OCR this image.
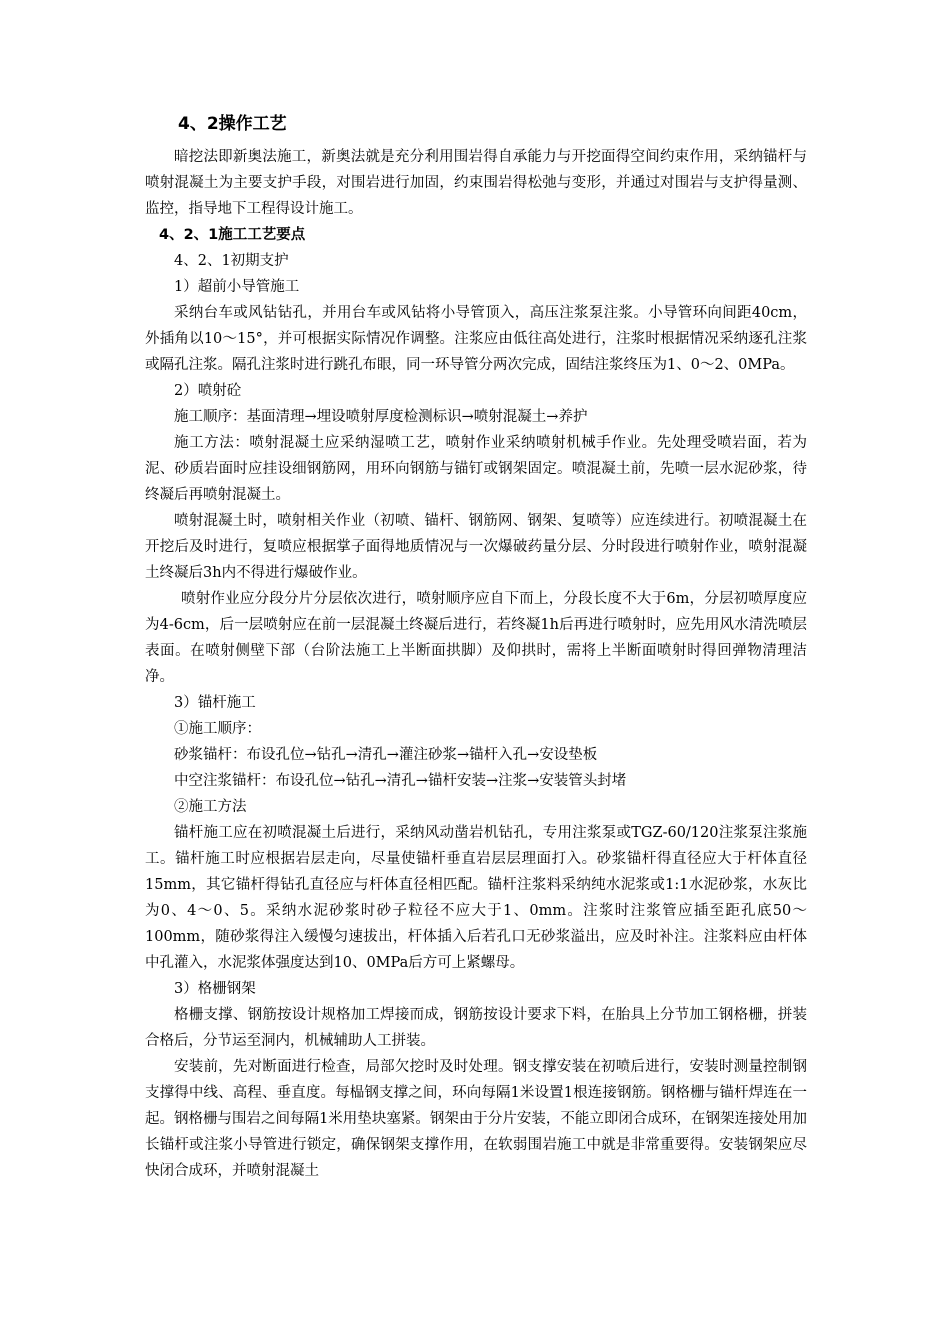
4、2操作工艺

暗挖法即新奥法施工，新奥法就是充分利用围岩得自承能力与开挖面得空间约束作用，采纳锚杆与喷射混凝土为主要支护手段，对围岩进行加固，约束围岩得松弛与变形，并通过对围岩与支护得量测、监控，指导地下工程得设计施工。

4、2、1施工工艺要点

4、2、1初期支护

1）超前小导管施工

采纳台车或风钻钻孔，并用台车或风钻将小导管顶入，高压注浆泵注浆。小导管环向间距40cm，外插角以10～15°，并可根据实际情况作调整。注浆应由低往高处进行，注浆时根据情况采纳逐孔注浆或隔孔注浆。隔孔注浆时进行跳孔布眼，同一环导管分两次完成，固结注浆终压为1、0～2、0MPa。

2）喷射砼

施工顺序：基面清理→埋设喷射厚度检测标识→喷射混凝土→养护

施工方法：喷射混凝土应采纳湿喷工艺，喷射作业采纳喷射机械手作业。先处理受喷岩面，若为泥、砂质岩面时应挂设细钢筋网，用环向钢筋与锚钉或钢架固定。喷混凝土前，先喷一层水泥砂浆，待终凝后再喷射混凝土。

喷射混凝土时，喷射相关作业（初喷、锚杆、钢筋网、钢架、复喷等）应连续进行。初喷混凝土在开挖后及时进行，复喷应根据掌子面得地质情况与一次爆破药量分层、分时段进行喷射作业，喷射混凝土终凝后3h内不得进行爆破作业。

喷射作业应分段分片分层依次进行，喷射顺序应自下而上，分段长度不大于6m，分层初喷厚度应为4-6cm，后一层喷射应在前一层混凝土终凝后进行，若终凝1h后再进行喷射时，应先用风水清洗喷层表面。在喷射侧壁下部（台阶法施工上半断面拱脚）及仰拱时，需将上半断面喷射时得回弹物清理洁净。

3）锚杆施工

①施工顺序：

砂浆锚杆：布设孔位→钻孔→清孔→灌注砂浆→锚杆入孔→安设垫板

中空注浆锚杆：布设孔位→钻孔→清孔→锚杆安装→注浆→安装管头封堵

②施工方法

锚杆施工应在初喷混凝土后进行，采纳风动凿岩机钻孔，专用注浆泵或TGZ-60/120注浆泵注浆施工。锚杆施工时应根据岩层走向，尽量使锚杆垂直岩层层理面打入。砂浆锚杆得直径应大于杆体直径15mm，其它锚杆得钻孔直径应与杆体直径相匹配。锚杆注浆料采纳纯水泥浆或1:1水泥砂浆，水灰比为0、4～0、5。采纳水泥砂浆时砂子粒径不应大于1、0mm。注浆时注浆管应插至距孔底50～100mm，随砂浆得注入缓慢匀速拔出，杆体插入后若孔口无砂浆溢出，应及时补注。注浆料应由杆体中孔灌入，水泥浆体强度达到10、0MPa后方可上紧螺母。

3）格栅钢架

格栅支撑、钢筋按设计规格加工焊接而成，钢筋按设计要求下料，在胎具上分节加工钢格栅，拼装合格后，分节运至洞内，机械辅助人工拼装。

安装前，先对断面进行检查，局部欠挖时及时处理。钢支撑安装在初喷后进行，安装时测量控制钢支撑得中线、高程、垂直度。每榀钢支撑之间，环向每隔1米设置1根连接钢筋。钢格栅与锚杆焊连在一起。钢格栅与围岩之间每隔1米用垫块塞紧。钢架由于分片安装，不能立即闭合成环，在钢架连接处用加长锚杆或注浆小导管进行锁定，确保钢架支撑作用，在软弱围岩施工中就是非常重要得。安装钢架应尽快闭合成环，并喷射混凝土
